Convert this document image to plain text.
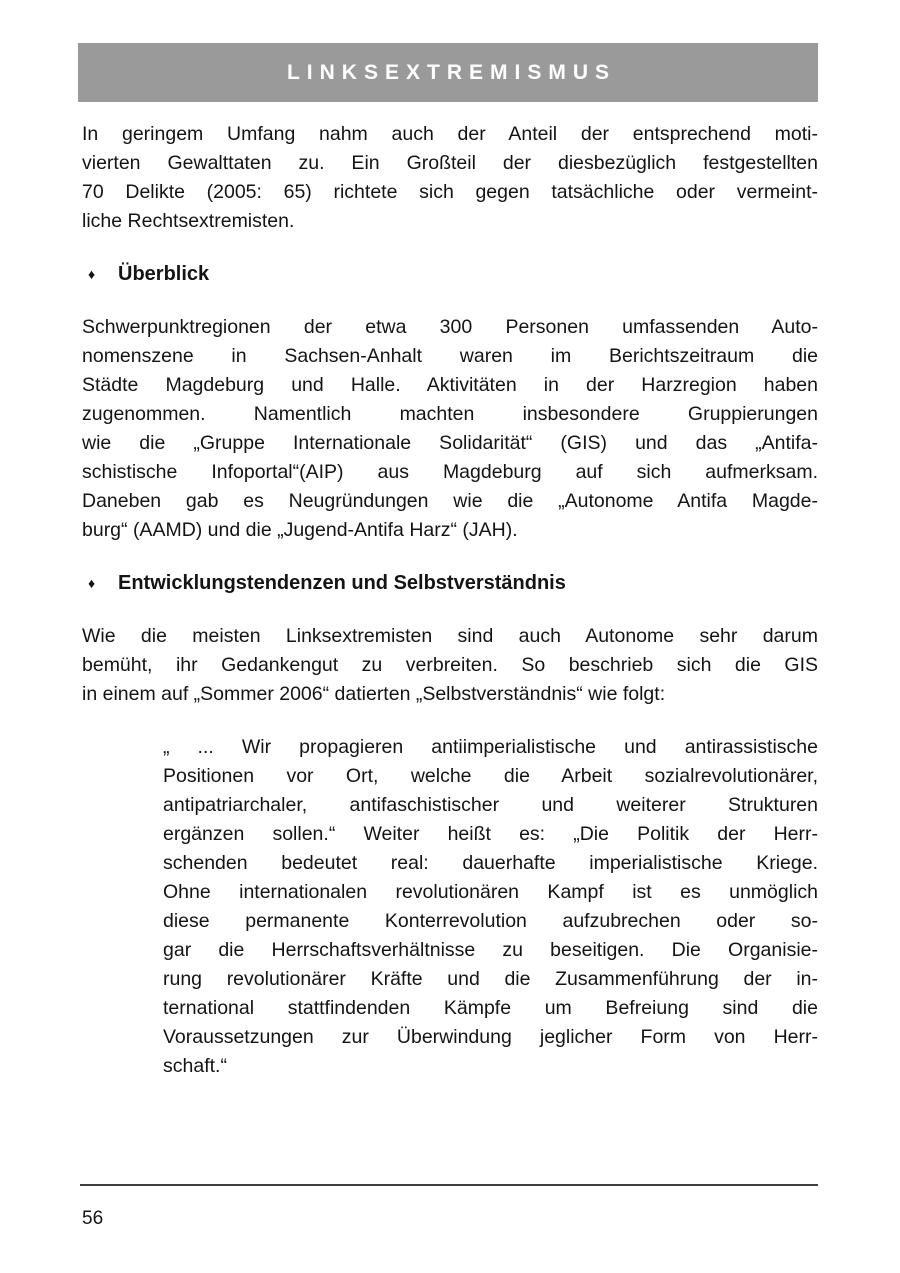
LINKSEXTREMISMUS
In geringem Umfang nahm auch der Anteil der entsprechend moti-
vierten Gewalttaten zu. Ein Großteil der diesbezüglich festgestellten
70 Delikte (2005: 65) richtete sich gegen tatsächliche oder vermeint-
liche Rechtsextremisten.
♦	Überblick
Schwerpunktregionen der etwa 300 Personen umfassenden Auto-
nomenszene in Sachsen-Anhalt waren im Berichtszeitraum die
Städte Magdeburg und Halle. Aktivitäten in der Harzregion haben
zugenommen. Namentlich machten insbesondere Gruppierungen
wie die „Gruppe Internationale Solidarität“ (GIS) und das „Antifa-
schistische Infoportal“(AIP) aus Magdeburg auf sich aufmerksam.
Daneben gab es Neugründungen wie die „Autonome Antifa Magde-
burg“ (AAMD) und die „Jugend-Antifa Harz“ (JAH).
♦	Entwicklungstendenzen und Selbstverständnis
Wie die meisten Linksextremisten sind auch Autonome sehr darum
bemüht, ihr Gedankengut zu verbreiten. So beschrieb sich die GIS
in einem auf „Sommer 2006“ datierten „Selbstverständnis“ wie folgt:
„ ... Wir propagieren antiimperialistische und antirassistische
Positionen vor Ort, welche die Arbeit sozialrevolutionärer,
antipatriarchaler, antifaschistischer und weiterer Strukturen
ergänzen sollen.“ Weiter heißt es: „Die Politik der Herr-
schenden bedeutet real: dauerhafte imperialistische Kriege.
Ohne internationalen revolutionären Kampf ist es unmöglich
diese permanente Konterrevolution aufzubrechen oder so-
gar die Herrschaftsverhältnisse zu beseitigen. Die Organisie-
rung revolutionärer Kräfte und die Zusammenführung der in-
ternational stattfindenden Kämpfe um Befreiung sind die
Voraussetzungen zur Überwindung jeglicher Form von Herr-
schaft.“
56
